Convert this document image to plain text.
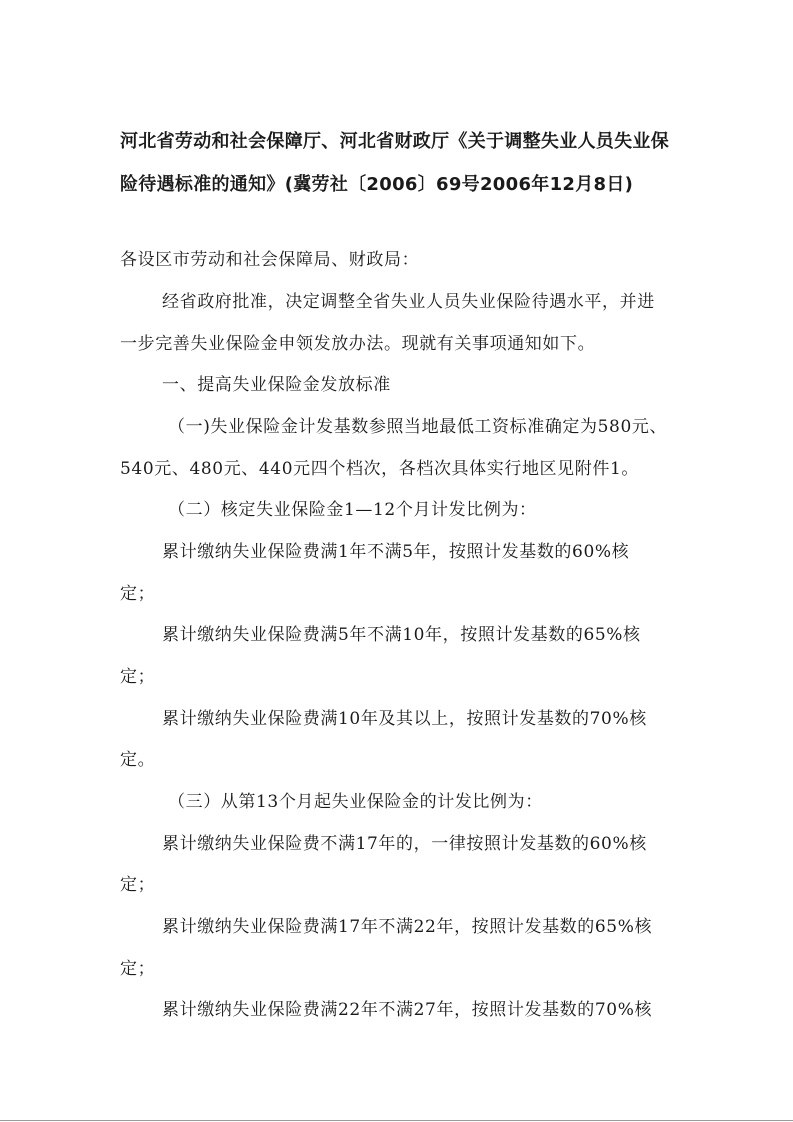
河北省劳动和社会保障厅、河北省财政厅《关于调整失业人员失业保
险待遇标准的通知》(冀劳社〔2006〕69号2006年12月8日)
各设区市劳动和社会保障局、财政局：
经省政府批准，决定调整全省失业人员失业保险待遇水平，并进
一步完善失业保险金申领发放办法。现就有关事项通知如下。
一、提高失业保险金发放标准
（一)失业保险金计发基数参照当地最低工资标准确定为580元、
540元、480元、440元四个档次，各档次具体实行地区见附件1。
（二）核定失业保险金1—12个月计发比例为：
累计缴纳失业保险费满1年不满5年，按照计发基数的60%核
定；
累计缴纳失业保险费满5年不满10年，按照计发基数的65%核
定；
累计缴纳失业保险费满10年及其以上，按照计发基数的70%核
定。
（三）从第13个月起失业保险金的计发比例为：
累计缴纳失业保险费不满17年的，一律按照计发基数的60%核
定；
累计缴纳失业保险费满17年不满22年，按照计发基数的65%核
定；
累计缴纳失业保险费满22年不满27年，按照计发基数的70%核
